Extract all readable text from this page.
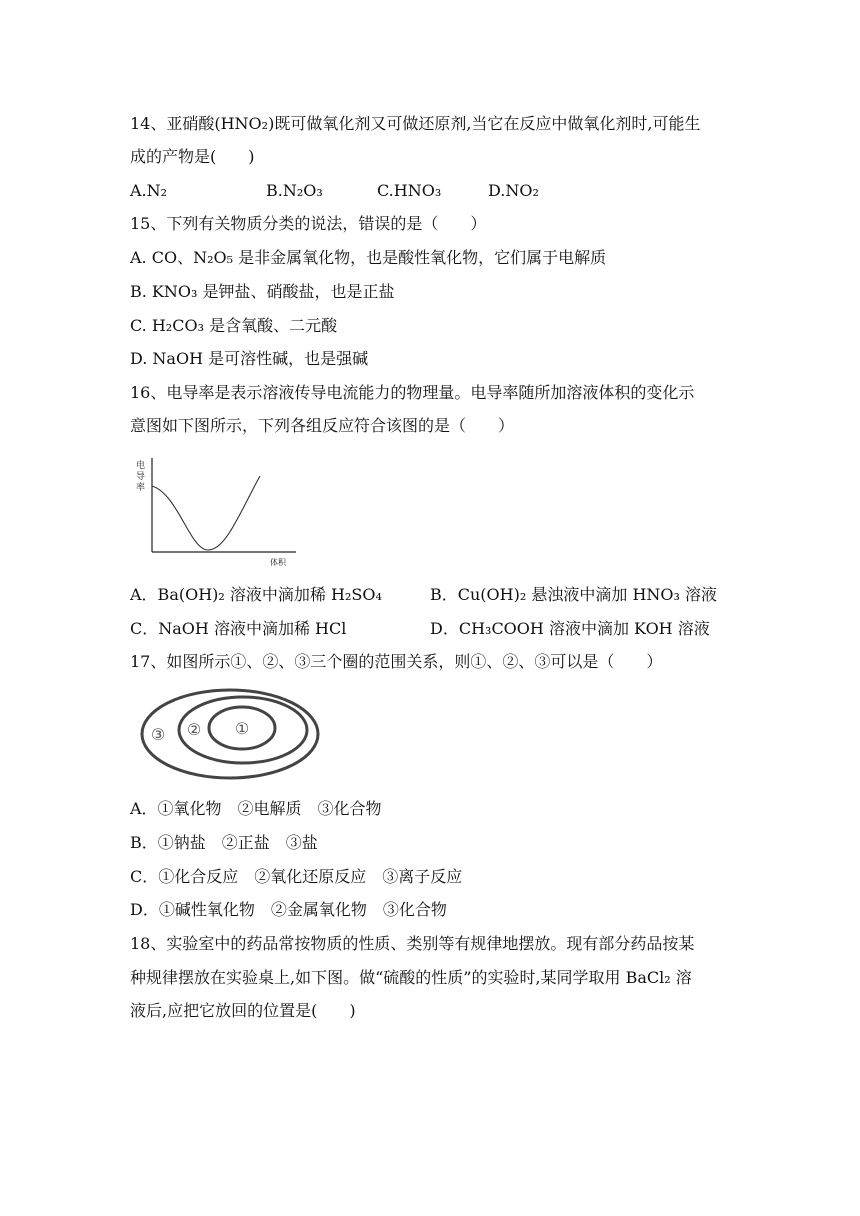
14、亚硝酸(HNO₂)既可做氧化剂又可做还原剂,当它在反应中做氧化剂时,可能生
成的产物是(　　)
A.N₂	B.N₂O₃	C.HNO₃	D.NO₂
15、下列有关物质分类的说法，错误的是（　　）
A. CO、N₂O₅ 是非金属氧化物，也是酸性氧化物，它们属于电解质
B. KNO₃ 是钾盐、硝酸盐，也是正盐
C. H₂CO₃ 是含氧酸、二元酸
D. NaOH 是可溶性碱，也是强碱
16、电导率是表示溶液传导电流能力的物理量。电导率随所加溶液体积的变化示
意图如下图所示，下列各组反应符合该图的是（　　）
电
导
率
体积
A．Ba(OH)₂ 溶液中滴加稀 H₂SO₄	B．Cu(OH)₂ 悬浊液中滴加 HNO₃ 溶液
C．NaOH 溶液中滴加稀 HCl	D．CH₃COOH 溶液中滴加 KOH 溶液
17、如图所示①、②、③三个圈的范围关系，则①、②、③可以是（　　）
①
②
③
A．①氧化物　②电解质　③化合物
B．①钠盐　②正盐　③盐
C．①化合反应　②氧化还原反应　③离子反应
D．①碱性氧化物　②金属氧化物　③化合物
18、实验室中的药品常按物质的性质、类别等有规律地摆放。现有部分药品按某
种规律摆放在实验桌上,如下图。做“硫酸的性质”的实验时,某同学取用 BaCl₂ 溶
液后,应把它放回的位置是(　　)
